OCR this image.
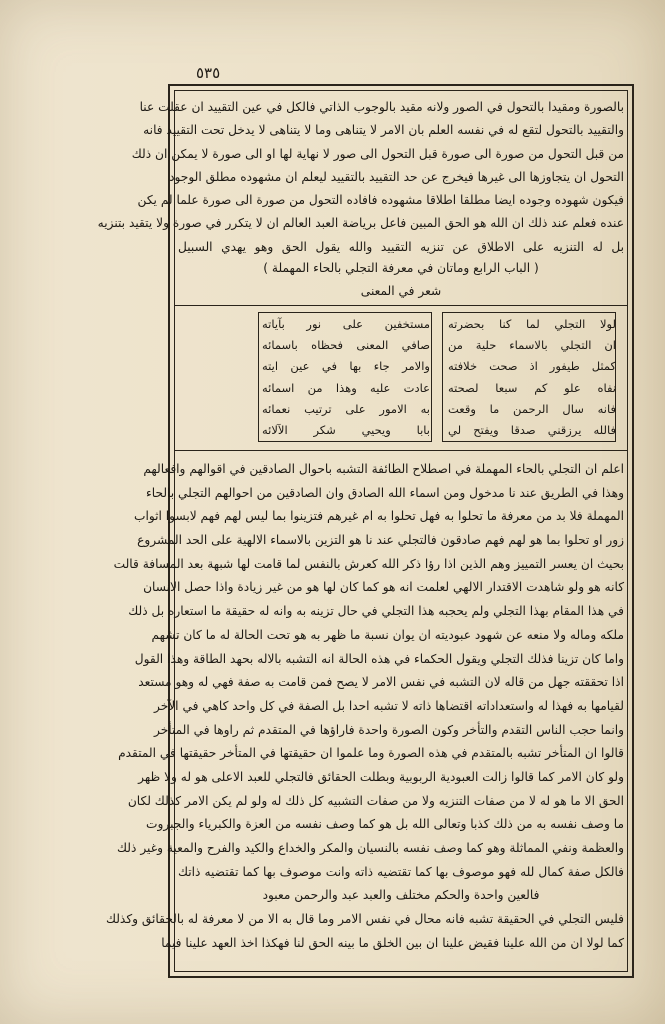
٥٣٥
بالصورة ومقيدا بالتحول في الصور ولانه مقيد بالوجوب الذاتي فالكل في عين التقييد ان عقلت عنا
والتقييد بالتحول لتقع له في نفسه العلم بان الامر لا يتناهى وما لا يتناهى لا يدخل تحت التقييد فانه
من قبل التحول من صورة الى صورة قبل التحول الى صور لا نهاية لها او الى صورة لا يمكن ان ذلك
التحول ان يتجاوزها الى غيرها فيخرج عن حد التقييد بالتقييد ليعلم ان مشهوده مطلق الوجود
فيكون شهوده وجوده ايضا مطلقا اطلاقا مشهوده فافاده التحول من صورة الى صورة علما لم يكن
عنده فعلم عند ذلك ان الله هو الحق المبين فاعل برياضة العبد العالم ان لا يتكرر في صورة ولا يتقيد بتنزيه
بل له التنزيه على الاطلاق عن تنزيه التقييد والله يقول الحق وهو يهدي السبيل
( الباب الرابع وماتان في معرفة التجلي بالحاء المهملة )
شعر في المعنى
لولا التجلي لما كنا بحضرته
ان التجلي بالاسماء حلية من
كمثل طيفور اذ صحت خلافته
نفاه علو كم سبعا لصحته
فانه سال الرحمن ما وقعت
فالله يرزقني صدقا ويفتح لي
مستخفين على نور بآياته
صافي المعنى فحظاه باسمائه
والامر جاء بها في عين ايته
عادت عليه وهذا من اسمائه
به الامور على ترتيب نعمائه
بابا ويحيي شكر الآلائه
اعلم ان التجلي بالحاء المهملة في اصطلاح الطائفة التشبه باحوال الصادقين في اقوالهم وافعالهم
وهذا في الطريق عند نا مدخول ومن اسماء الله الصادق وان الصادقين من احوالهم التجلي بالحاء
المهملة فلا بد من معرفة ما تحلوا به فهل تحلوا به ام غيرهم فتزينوا بما ليس لهم فهم لابسوا اثواب
زور او تحلوا بما هو لهم فهم صادقون فالتجلي عند نا هو التزين بالاسماء الالهية على الحد المشروع
بحيث ان يعسر التمييز وهم الذين اذا رؤا ذكر الله كعرش بالنفس لما قامت لها شبهة بعد المسافة قالت
كانه هو ولو شاهدت الاقتدار الالهي لعلمت انه هو كما كان لها هو من غير زيادة واذا حصل الانسان
في هذا المقام بهذا التجلي ولم يحجبه هذا التجلي في حال تزينه به وانه له حقيقة ما استعاره بل ذلك
ملكه وماله ولا منعه عن شهود عبوديته ان يوان نسبة ما ظهر به هو تحت الحالة له ما كان تشهم
واما كان تزينا فذلك التجلي ويقول الحكماء في هذه الحالة انه التشبه بالاله بحهد الطاقة وهذا القول
اذا تحققته جهل من قاله لان التشبه في نفس الامر لا يصح فمن قامت به صفة فهي له وهو مستعد
لقيامها به فهذا له واستعداداته اقتضاها ذاته لا تشبه احدا بل الصفة في كل واحد كاهي في الآخر
وانما حجب الناس التقدم والتأخر وكون الصورة واحدة فاراؤها في المتقدم ثم راوها في المتأخر
قالوا ان المتأخر تشبه بالمتقدم في هذه الصورة وما علموا ان حقيقتها في المتأخر حقيقتها في المتقدم
ولو كان الامر كما قالوا زالت العبودية الربوبية وبطلت الحقائق فالتجلي للعبد الاعلى هو له ولا ظهر
الحق الا ما هو له لا من صفات التنزيه ولا من صفات التشبيه كل ذلك له ولو لم يكن الامر كذلك لكان
ما وصف نفسه به من ذلك كذبا وتعالى الله بل هو كما وصف نفسه من العزة والكبرياء والجبروت
والعظمة ونفي المماثلة وهو كما وصف نفسه بالنسيان والمكر والخداع والكيد والفرح والمعية وغير ذلك
فالكل صفة كمال لله فهو موصوف بها كما تقتضيه ذاته وانت موصوف بها كما تقتضيه ذاتك
فالعين واحدة والحكم مختلف والعبد عبد والرحمن معبود
فليس التجلي في الحقيقة تشبه فانه محال في نفس الامر وما قال به الا من لا معرفة له بالحقائق وكذلك
كما لولا ان من الله علينا فقيض علينا ان بين الخلق ما بينه الحق لنا فهكذا اخذ العهد علينا فيما
